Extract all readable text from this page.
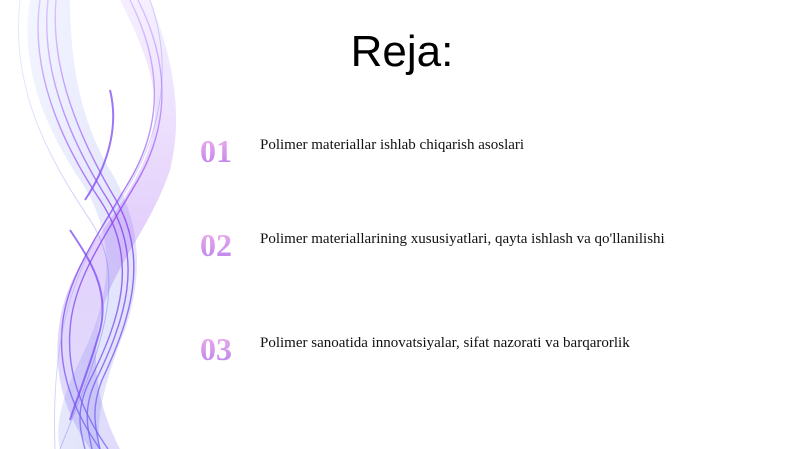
Reja:
01	Polimer materiallar ishlab chiqarish asoslari
02	Polimer materiallarining xususiyatlari, qayta ishlash va qo'llanilishi
03	Polimer sanoatida innovatsiyalar, sifat nazorati va barqarorlik
